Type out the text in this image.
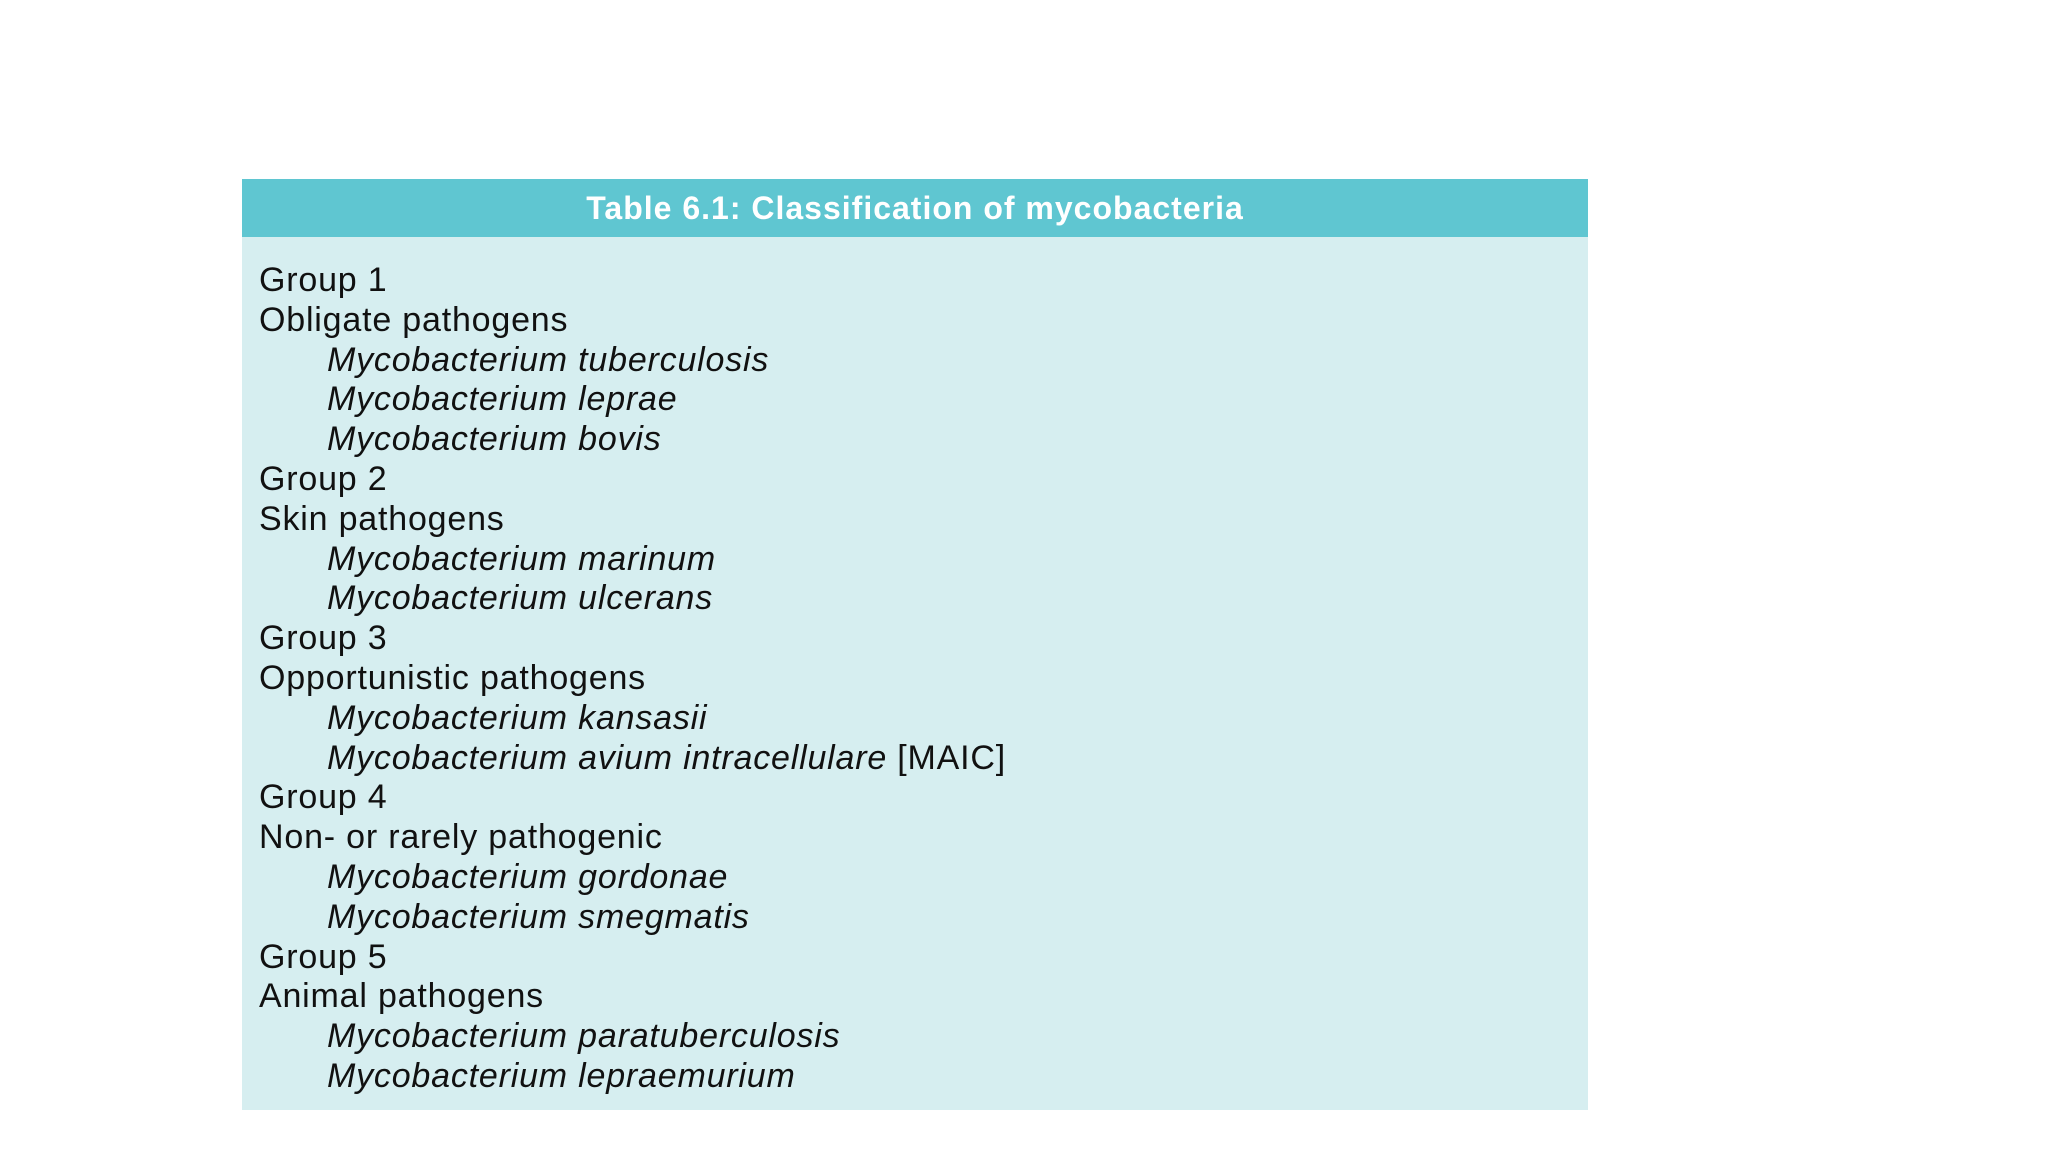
Table 6.1: Classification of mycobacteria
Group 1
Obligate pathogens
Mycobacterium tuberculosis
Mycobacterium leprae
Mycobacterium bovis
Group 2
Skin pathogens
Mycobacterium marinum
Mycobacterium ulcerans
Group 3
Opportunistic pathogens
Mycobacterium kansasii
Mycobacterium avium intracellulare [MAIC]
Group 4
Non- or rarely pathogenic
Mycobacterium gordonae
Mycobacterium smegmatis
Group 5
Animal pathogens
Mycobacterium paratuberculosis
Mycobacterium lepraemurium
